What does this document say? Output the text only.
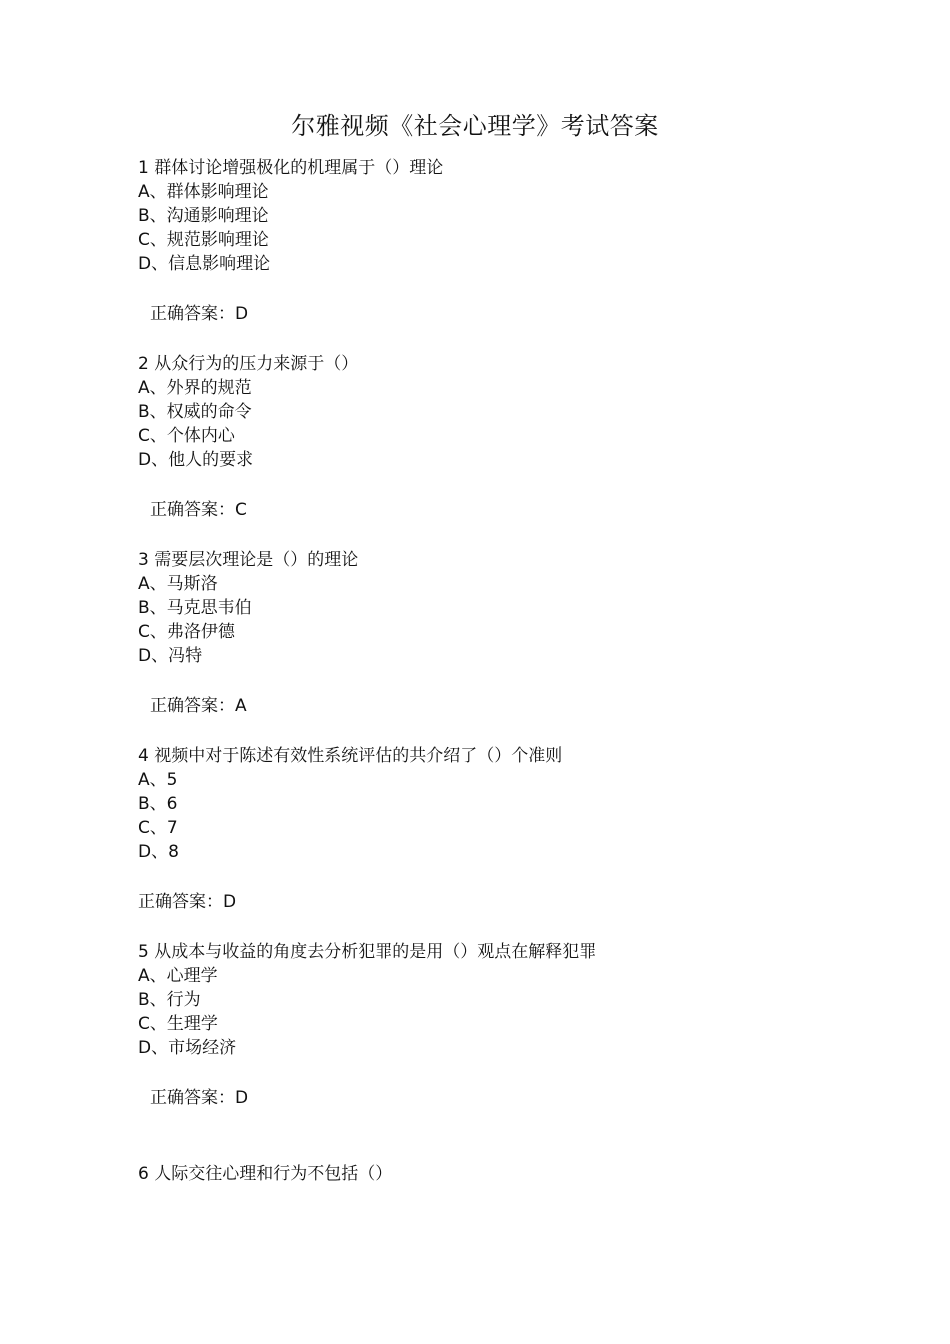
尔雅视频《社会心理学》考试答案
1 群体讨论增强极化的机理属于（）理论
A、群体影响理论
B、沟通影响理论
C、规范影响理论
D、信息影响理论
正确答案：D
2 从众行为的压力来源于（）
A、外界的规范
B、权威的命令
C、个体内心
D、他人的要求
正确答案：C
3 需要层次理论是（）的理论
A、马斯洛
B、马克思韦伯
C、弗洛伊德
D、冯特
正确答案：A
4 视频中对于陈述有效性系统评估的共介绍了（）个准则
A、5
B、6
C、7
D、8
正确答案：D
5 从成本与收益的角度去分析犯罪的是用（）观点在解释犯罪
A、心理学
B、行为
C、生理学
D、市场经济
正确答案：D
6 人际交往心理和行为不包括（）
